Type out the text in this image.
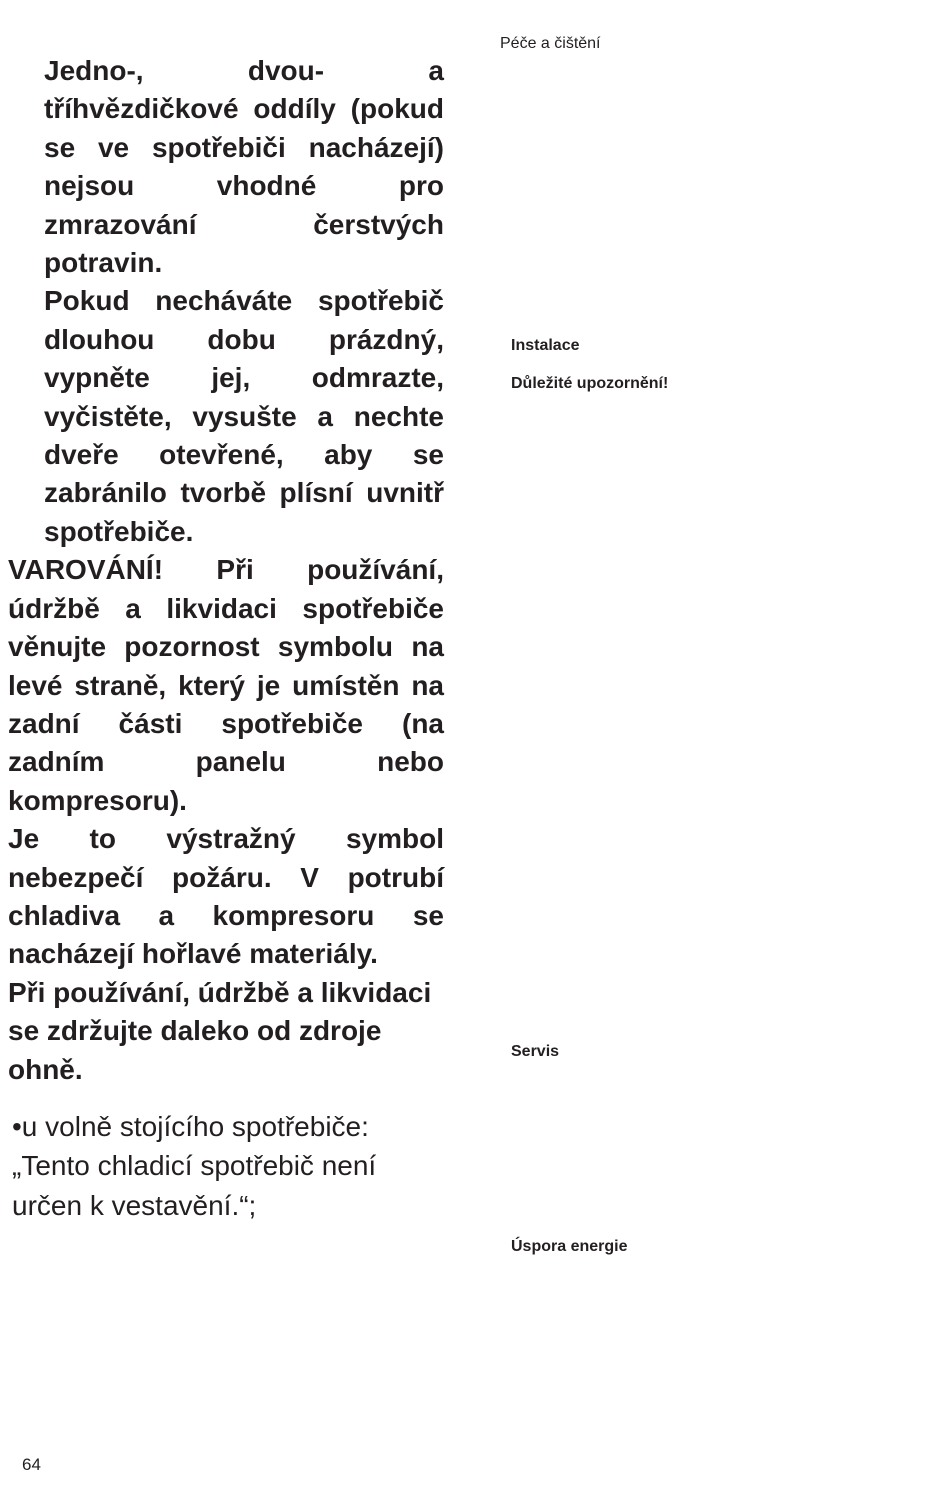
Péče a čištění

Jedno-, dvou- a tříhvězdičkové oddíly (pokud se ve spotřebiči nacházejí) nejsou vhodné pro zmrazování čerstvých potravin.

Pokud necháváte spotřebič dlouhou dobu prázdný, vypněte jej, odmrazte, vyčistěte, vysušte a nechte dveře otevřené, aby se zabránilo tvorbě plísní uvnitř spotřebiče.

VAROVÁNÍ! Při používání, údržbě a likvidaci spotřebiče věnujte pozornost symbolu na levé straně, který je umístěn na zadní části spotřebiče (na zadním panelu nebo kompresoru).

Je to výstražný symbol nebezpečí požáru. V potrubí chladiva a kompresoru se nacházejí hořlavé materiály.

Při používání, údržbě a likvidaci se zdržujte daleko od zdroje ohně.

•u volně stojícího spotřebiče:
„Tento chladicí spotřebič není
určen k vestavění.“;
Instalace
Důležité upozornění!
Servis
Úspora energie
64
